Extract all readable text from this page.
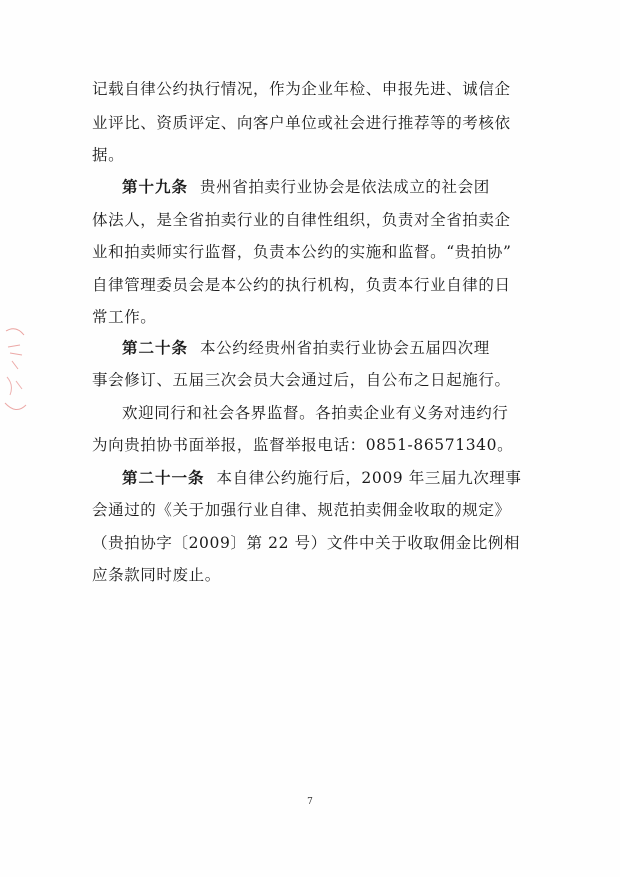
记载自律公约执行情况，作为企业年检、申报先进、诚信企
业评比、资质评定、向客户单位或社会进行推荐等的考核依
据。
第十九条 贵州省拍卖行业协会是依法成立的社会团
体法人，是全省拍卖行业的自律性组织，负责对全省拍卖企
业和拍卖师实行监督，负责本公约的实施和监督。“贵拍协”
自律管理委员会是本公约的执行机构，负责本行业自律的日
常工作。
第二十条 本公约经贵州省拍卖行业协会五届四次理
事会修订、五届三次会员大会通过后，自公布之日起施行。
欢迎同行和社会各界监督。各拍卖企业有义务对违约行
为向贵拍协书面举报，监督举报电话：0851-86571340。
第二十一条 本自律公约施行后，2009 年三届九次理事
会通过的《关于加强行业自律、规范拍卖佣金收取的规定》
（贵拍协字〔2009〕第 22 号）文件中关于收取佣金比例相
应条款同时废止。
7
